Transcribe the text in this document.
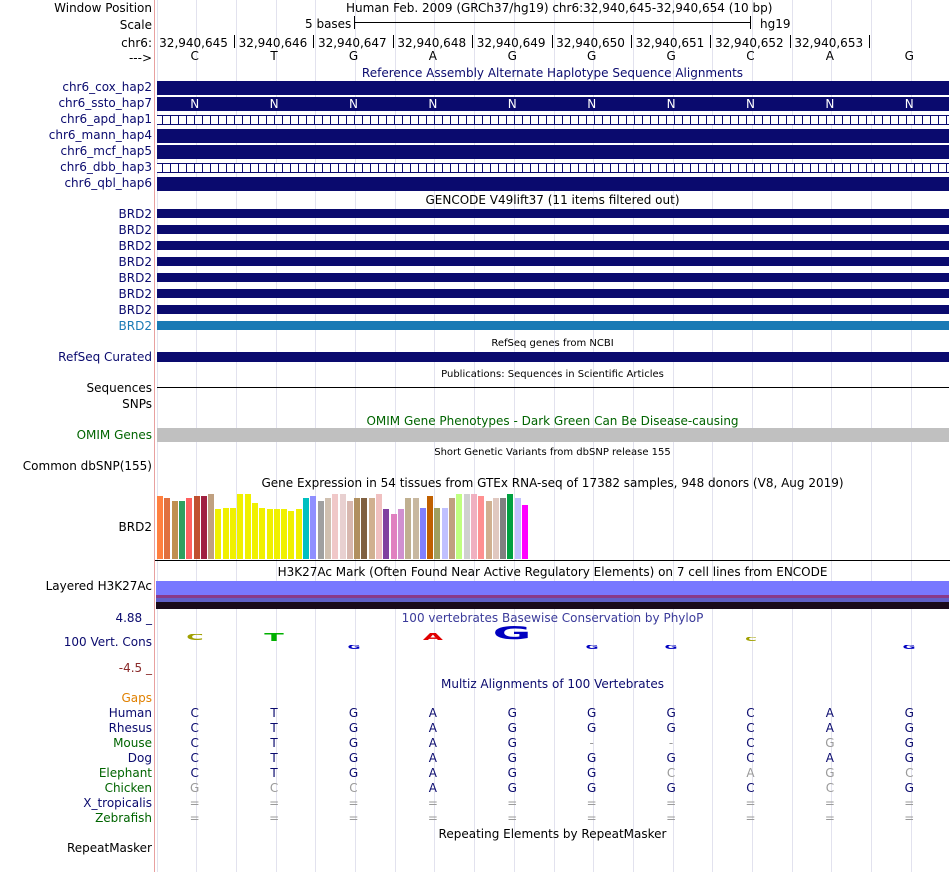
Window Position	Human Feb. 2009 (GRCh37/hg19) chr6:32,940,645-32,940,654 (10 bp)
Scale	5 bases	hg19
chr6: 32,940,645 32,940,646 32,940,647 32,940,648 32,940,649 32,940,650 32,940,651 32,940,652 32,940,653
--->	C	T	G	A	G	G	G	C	A	G
Reference Assembly Alternate Haplotype Sequence Alignments
chr6_cox_hap2
chr6_ssto_hap7	N	N	N	N	N	N	N	N	N	N
chr6_apd_hap1
chr6_mann_hap4
chr6_mcf_hap5
chr6_dbb_hap3
chr6_qbl_hap6
GENCODE V49lift37 (11 items filtered out)
BRD2
BRD2
BRD2
BRD2
BRD2
BRD2
BRD2
BRD2
RefSeq genes from NCBI
RefSeq Curated
Publications: Sequences in Scientific Articles
Sequences
SNPs
OMIM Gene Phenotypes - Dark Green Can Be Disease-causing
OMIM Genes
Short Genetic Variants from dbSNP release 155
Common dbSNP(155)
Gene Expression in 54 tissues from GTEx RNA-seq of 17382 samples, 948 donors (V8, Aug 2019)
BRD2
H3K27Ac Mark (Often Found Near Active Regulatory Elements) on 7 cell lines from ENCODE
Layered H3K27Ac
100 vertebrates Basewise Conservation by PhyloP
4.88 _
100 Vert. Cons
-4.5 _
C	T
G
A	G
G	G
C
G
Multiz Alignments of 100 Vertebrates
Gaps
Human	C	T	G	A	G	G	G	C	A	G
Rhesus	C	T	G	A	G	G	G	C	A	G
Mouse	C	T	G	A	G	-	-	C	G	G
Dog	C	T	G	A	G	G	G	C	A	G
Elephant	C	T	G	A	G	G	C	A	G	C
Chicken	G	C	C	A	G	G	G	C	C	G
X_tropicalis	=	=	=	=	=	=	=	=	=	=
Zebrafish	=	=	=	=	=	=	=	=	=	=
Repeating Elements by RepeatMasker
RepeatMasker
